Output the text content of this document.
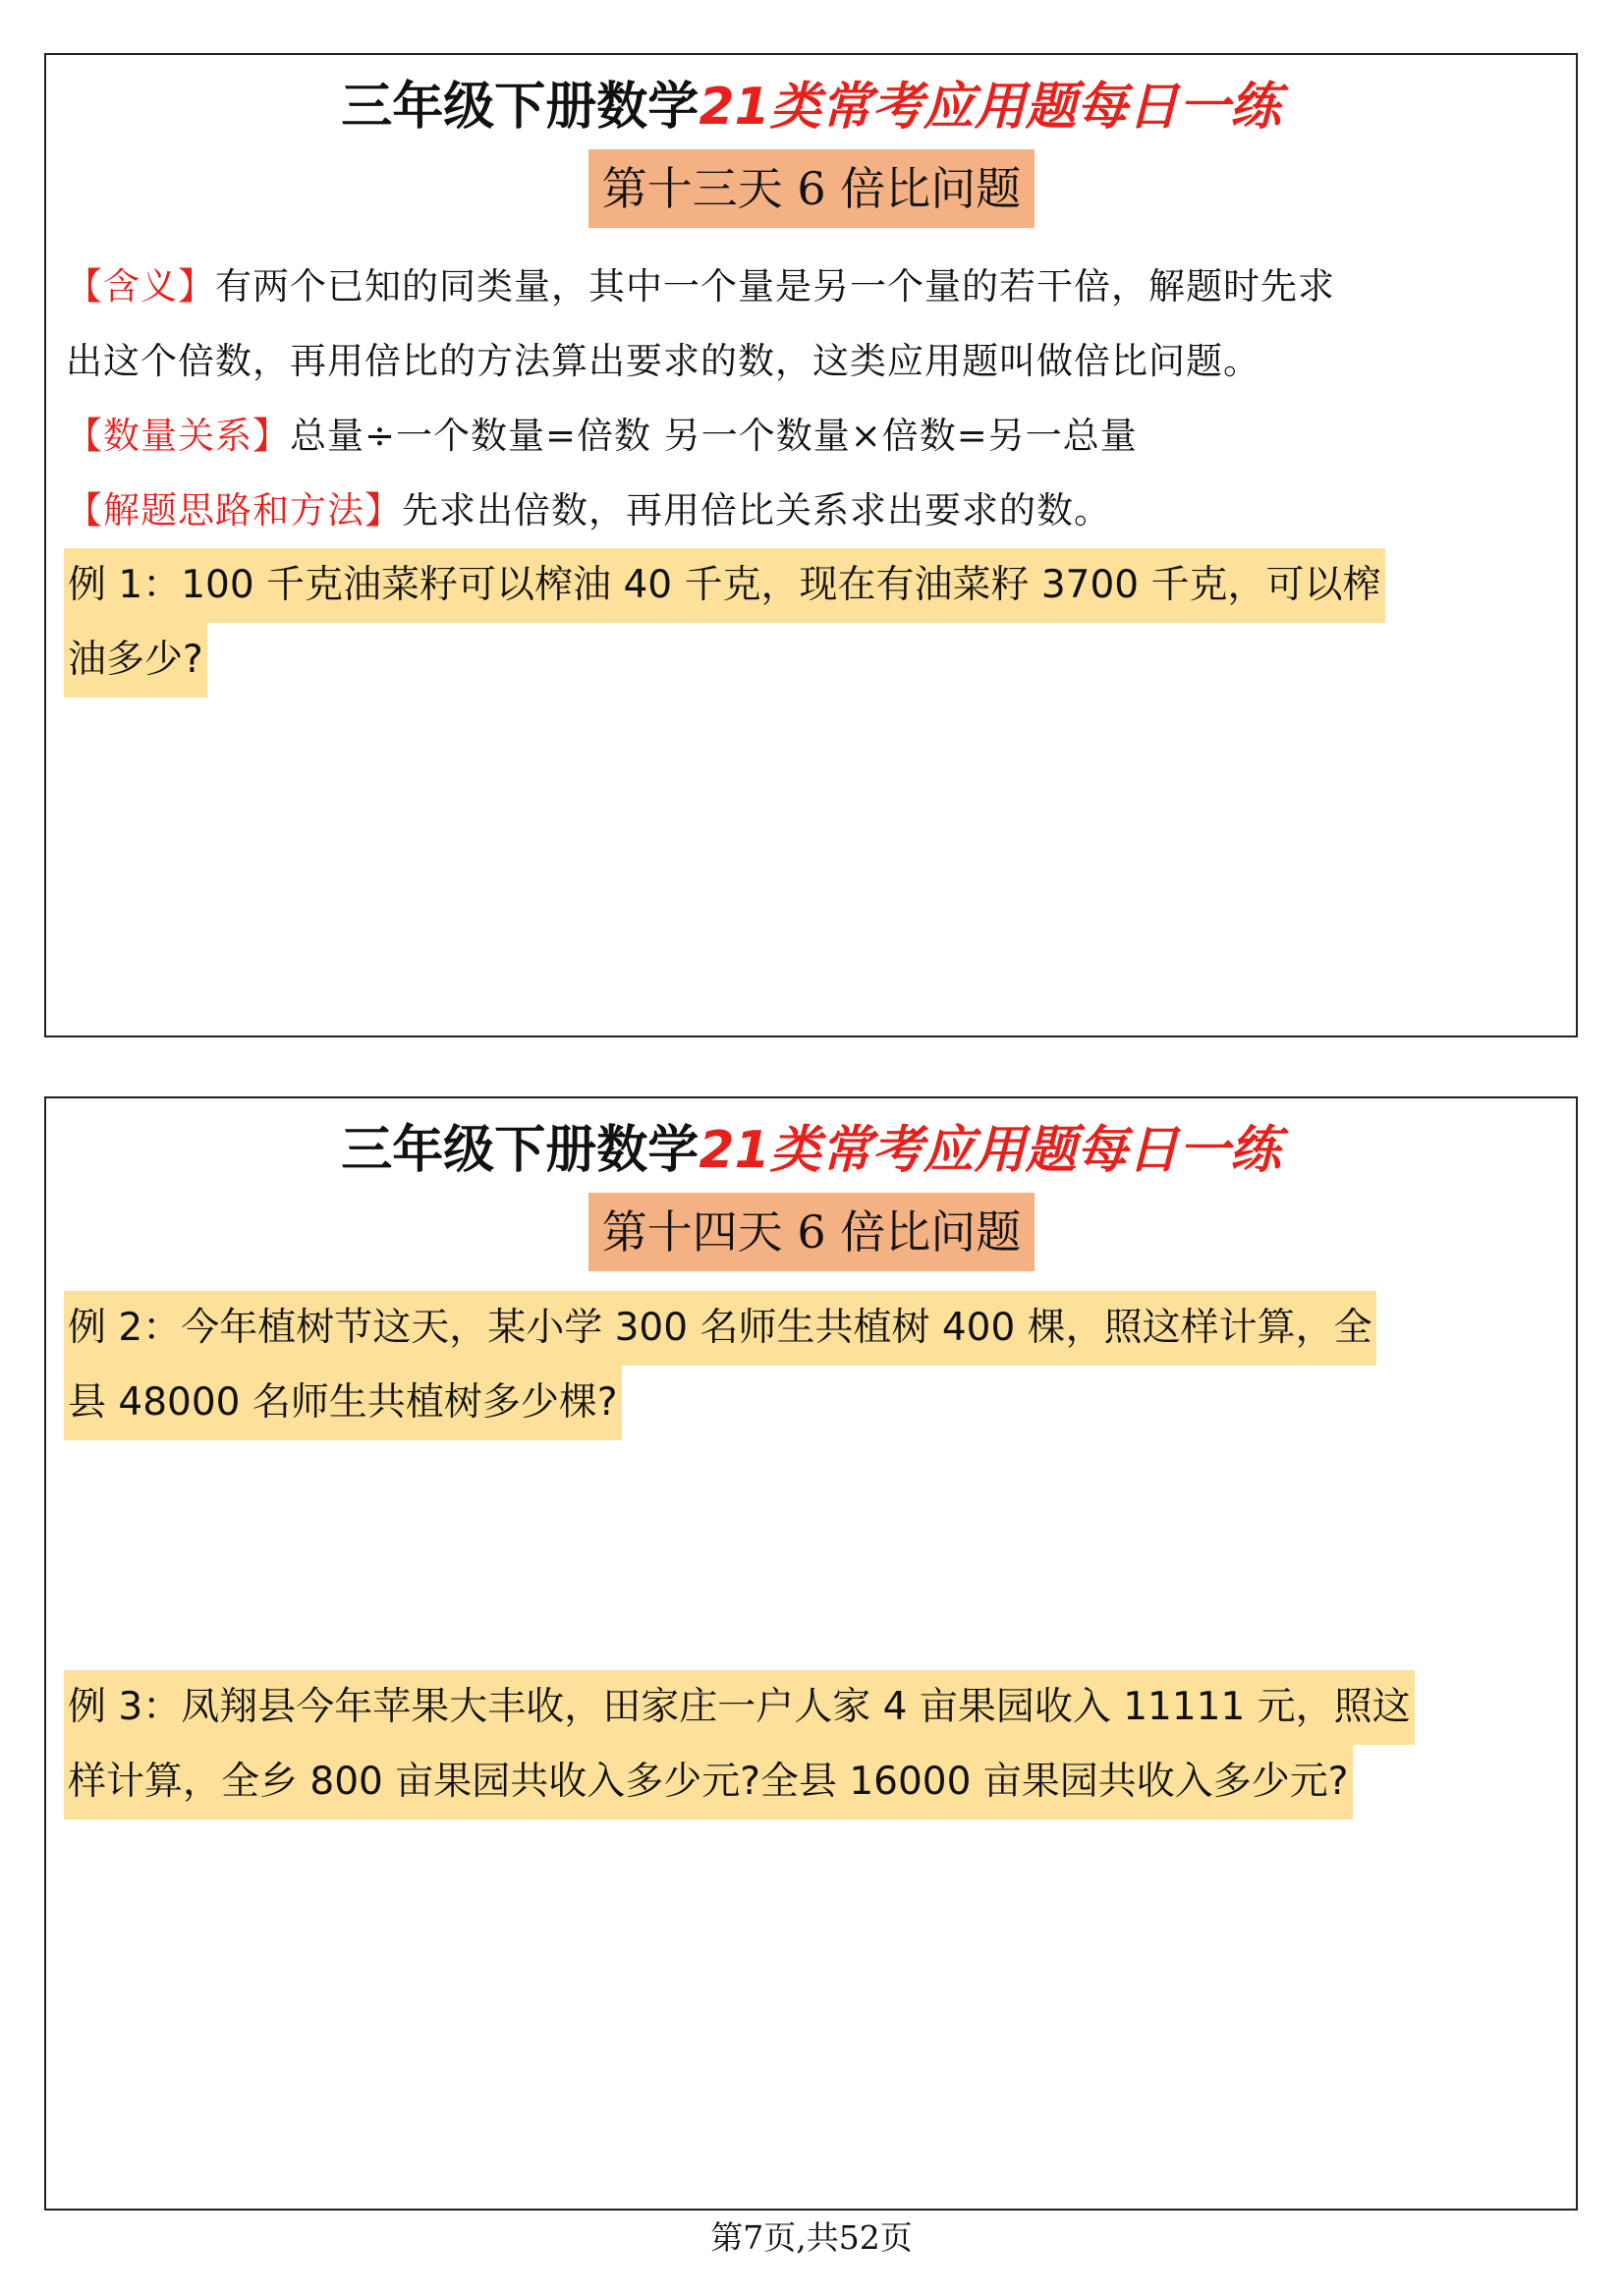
三年级下册数学21类常考应用题每日一练
第十三天 6 倍比问题
【含义】有两个已知的同类量，其中一个量是另一个量的若干倍，解题时先求
出这个倍数，再用倍比的方法算出要求的数，这类应用题叫做倍比问题。
【数量关系】总量÷一个数量=倍数 另一个数量×倍数=另一总量
【解题思路和方法】先求出倍数，再用倍比关系求出要求的数。
例 1：100 千克油菜籽可以榨油 40 千克，现在有油菜籽 3700 千克，可以榨
油多少?
三年级下册数学21类常考应用题每日一练
第十四天 6 倍比问题
例 2：今年植树节这天，某小学 300 名师生共植树 400 棵，照这样计算，全
县 48000 名师生共植树多少棵?
例 3：凤翔县今年苹果大丰收，田家庄一户人家 4 亩果园收入 11111 元，照这
样计算，全乡 800 亩果园共收入多少元?全县 16000 亩果园共收入多少元?
第7页,共52页
